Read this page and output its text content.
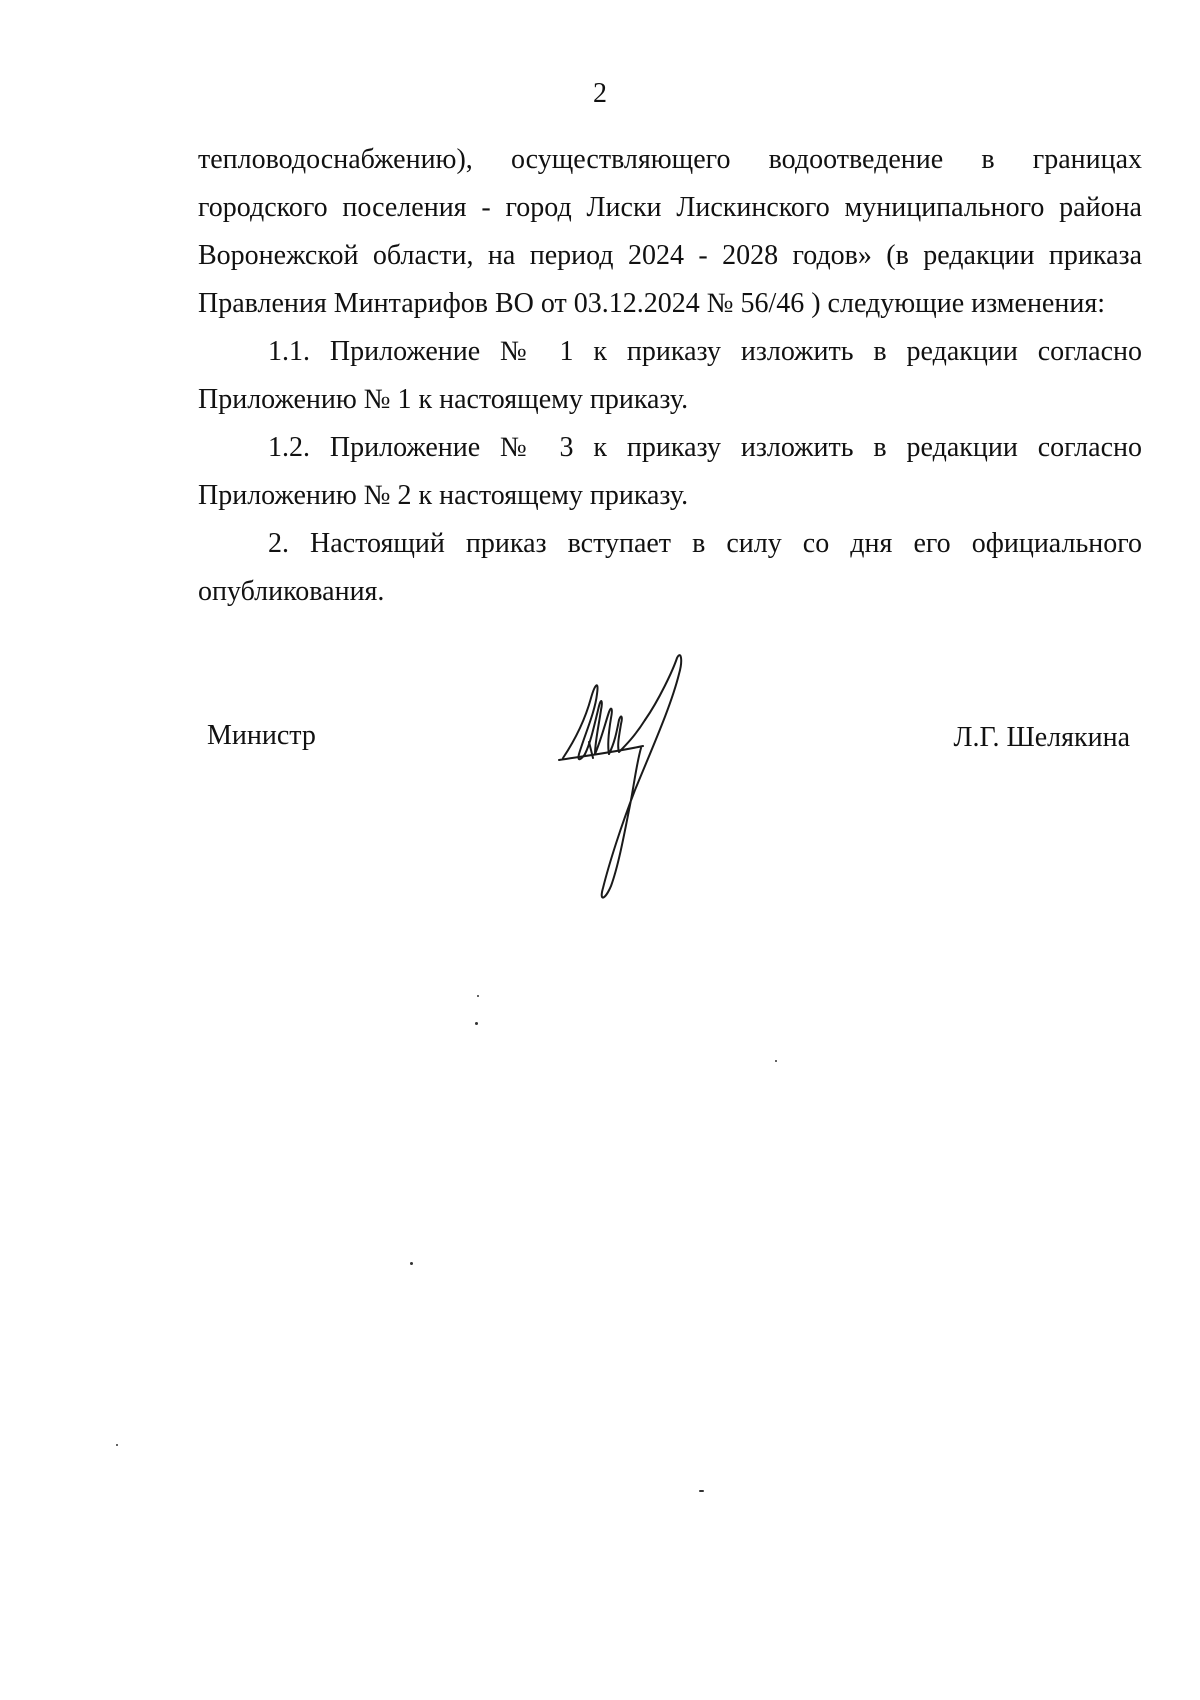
2

тепловодоснабжению), осуществляющего водоотведение в границах городского поселения - город Лиски Лискинского муниципального района Воронежской области, на период 2024 - 2028 годов» (в редакции приказа Правления Минтарифов ВО от 03.12.2024 № 56/46 ) следующие изменения:

1.1. Приложение № 1 к приказу изложить в редакции согласно Приложению № 1 к настоящему приказу.

1.2. Приложение № 3 к приказу изложить в редакции согласно Приложению № 2 к настоящему приказу.

2. Настоящий приказ вступает в силу со дня его официального опубликования.

Министр	Л.Г. Шелякина
